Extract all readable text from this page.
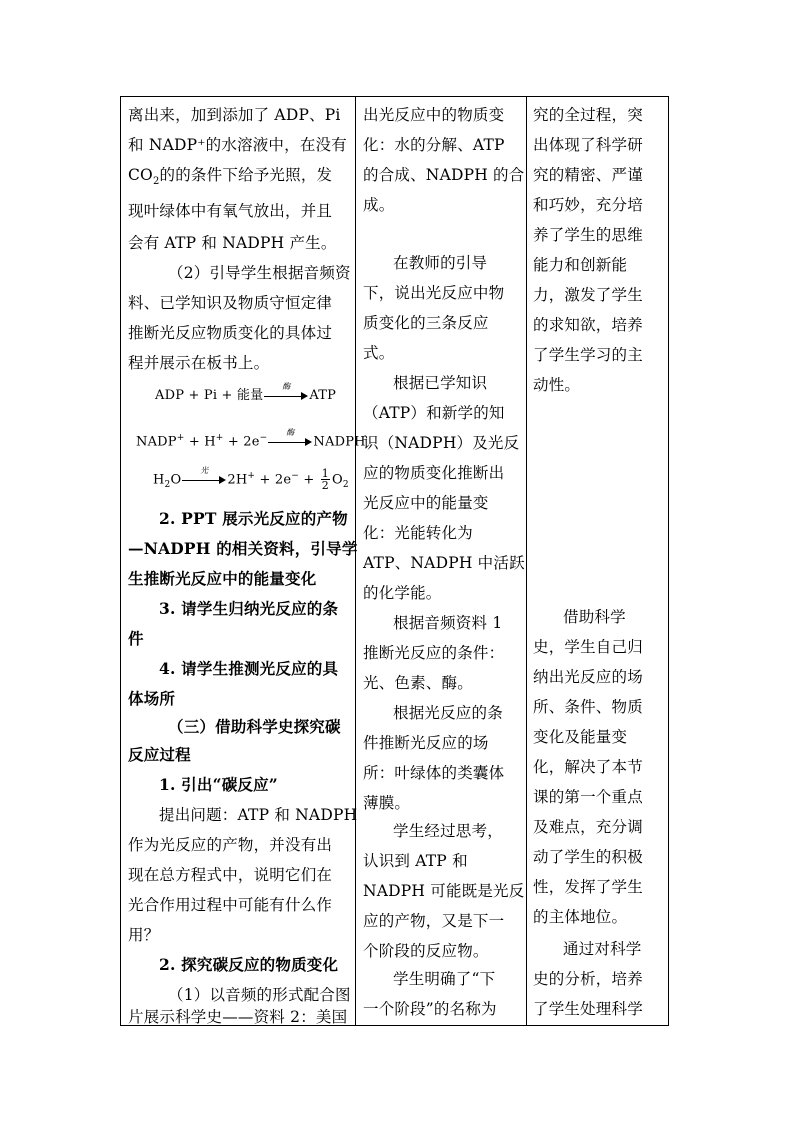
离出来，加到添加了 ADP、Pi
和 NADP⁺的水溶液中，在没有
$CO_2$的的条件下给予光照，发
现叶绿体中有氧气放出，并且
会有 ATP 和 NADPH 产生。
（2）引导学生根据音频资
料、已学知识及物质守恒定律
推断光反应物质变化的具体过
程并展示在板书上。
ADP + Pi + 能量
酶
ATP
NADP+ + H+ + 2e−
酶
NADPH
$H_2O$
光
$2H^+ + 2e^- + \frac{1}{2} O_2$
2. PPT 展示光反应的产物
—NADPH 的相关资料，引导学
生推断光反应中的能量变化
3. 请学生归纳光反应的条
件
4. 请学生推测光反应的具
体场所
（三）借助科学史探究碳
反应过程
1. 引出“碳反应”
提出问题：ATP 和 NADPH
作为光反应的产物，并没有出
现在总方程式中，说明它们在
光合作用过程中可能有什么作
用？
2. 探究碳反应的物质变化
（1）以音频的形式配合图
片展示科学史——资料 2：美国
出光反应中的物质变
化：水的分解、ATP
的合成、NADPH 的合
成。
在教师的引导
下，说出光反应中物
质变化的三条反应
式。
根据已学知识
（ATP）和新学的知
识（NADPH）及光反
应的物质变化推断出
光反应中的能量变
化：光能转化为
ATP、NADPH 中活跃
的化学能。
根据音频资料 1
推断光反应的条件：
光、色素、酶。
根据光反应的条
件推断光反应的场
所：叶绿体的类囊体
薄膜。
学生经过思考，
认识到 ATP 和
NADPH 可能既是光反
应的产物，又是下一
个阶段的反应物。
学生明确了“下
一个阶段”的名称为
究的全过程，突
出体现了科学研
究的精密、严谨
和巧妙，充分培
养了学生的思维
能力和创新能
力，激发了学生
的求知欲，培养
了学生学习的主
动性。
借助科学
史，学生自己归
纳出光反应的场
所、条件、物质
变化及能量变
化，解决了本节
课的第一个重点
及难点，充分调
动了学生的积极
性，发挥了学生
的主体地位。
通过对科学
史的分析，培养
了学生处理科学
